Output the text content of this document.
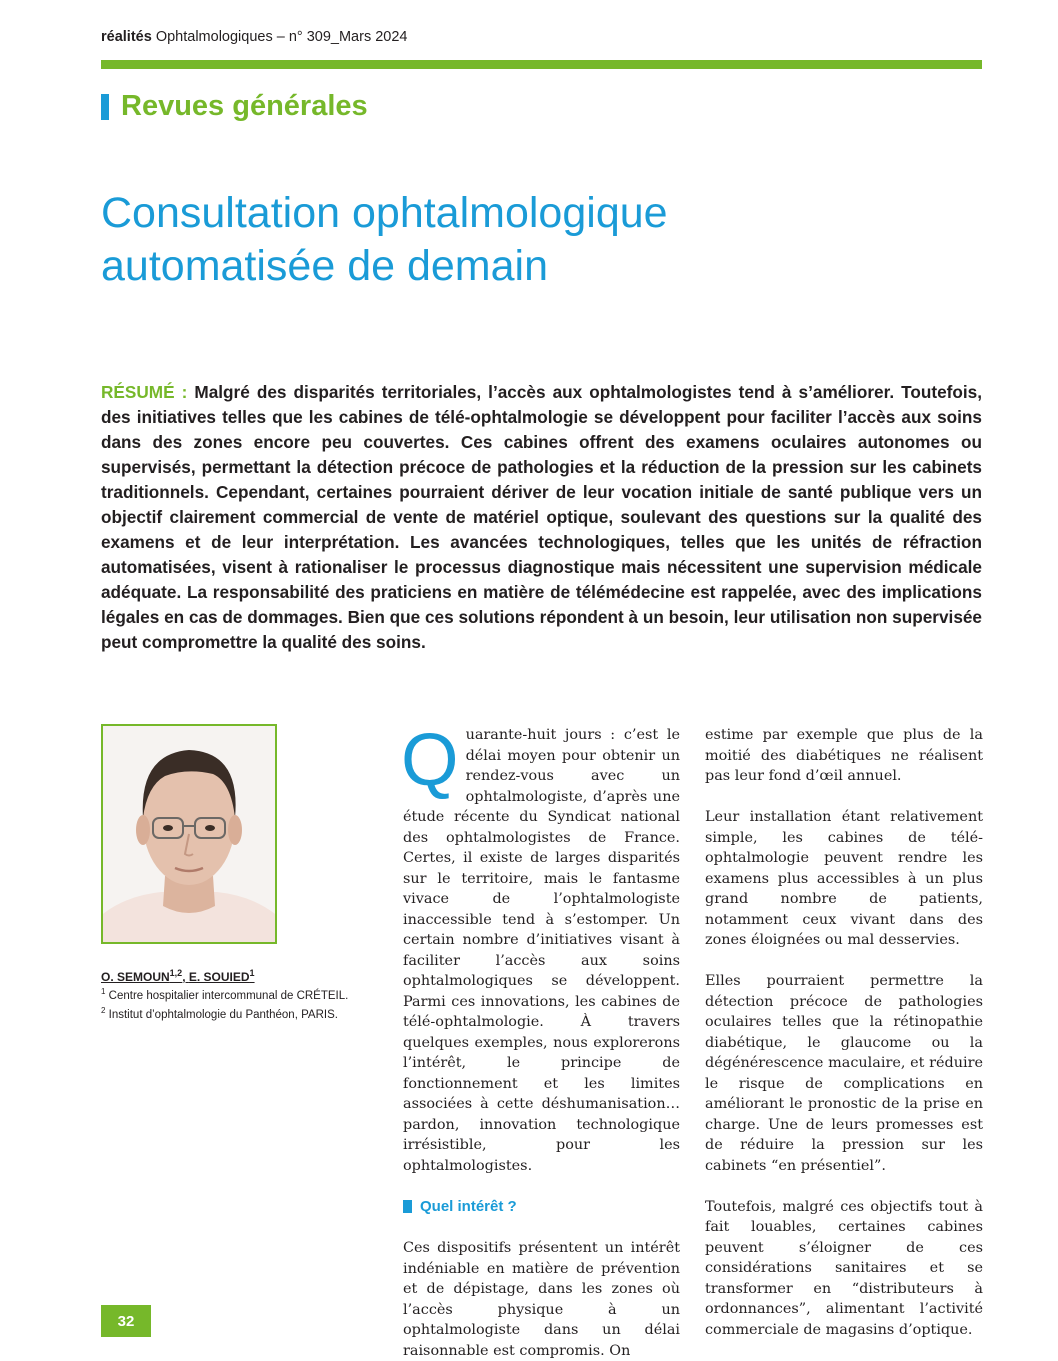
réalités Ophtalmologiques – n° 309_Mars 2024
Revues générales
Consultation ophtalmologique
automatisée de demain
RÉSUMÉ : Malgré des disparités territoriales, l’accès aux ophtalmologistes tend à s’améliorer. Toutefois, des initiatives telles que les cabines de télé-ophtalmologie se développent pour faciliter l’accès aux soins dans des zones encore peu couvertes. Ces cabines offrent des examens oculaires autonomes ou supervisés, permettant la détection précoce de pathologies et la réduction de la pression sur les cabinets traditionnels. Cependant, certaines pourraient dériver de leur vocation initiale de santé publique vers un objectif clairement commercial de vente de matériel optique, soulevant des questions sur la qualité des examens et de leur interprétation. Les avancées technologiques, telles que les unités de réfraction automatisées, visent à rationaliser le processus diagnostique mais nécessitent une supervision médicale adéquate. La responsabilité des praticiens en matière de télémédecine est rappelée, avec des implications légales en cas de dommages. Bien que ces solutions répondent à un besoin, leur utilisation non supervisée peut compromettre la qualité des soins.
O. SEMOUN$^{1,2}$, E. SOUIED$^1$
$^1$ Centre hospitalier intercommunal de CRÉTEIL.
$^2$ Institut d’ophtalmologie du Panthéon, PARIS.

Quarante-huit jours : c’est le délai moyen pour obtenir un rendez-vous avec un ophtalmologiste, d’après une étude récente du Syndicat national des ophtalmologistes de France. Certes, il existe de larges disparités sur le territoire, mais le fantasme vivace de l’ophtalmologiste inaccessible tend à s’estomper. Un certain nombre d’initiatives visant à faciliter l’accès aux soins ophtalmologiques se développent. Parmi ces innovations, les cabines de télé-ophtalmologie. À travers quelques exemples, nous explorerons l’intérêt, le principe de fonctionnement et les limites associées à cette déshumanisation… pardon, innovation technologique irrésistible, pour les ophtalmologistes.

Quel intérêt ?

Ces dispositifs présentent un intérêt indéniable en matière de prévention et de dépistage, dans les zones où l’accès physique à un ophtalmologiste dans un délai raisonnable est compromis. On

estime par exemple que plus de la moitié des diabétiques ne réalisent pas leur fond d’œil annuel.

Leur installation étant relativement simple, les cabines de télé-ophtalmologie peuvent rendre les examens plus accessibles à un plus grand nombre de patients, notamment ceux vivant dans des zones éloignées ou mal desservies.

Elles pourraient permettre la détection précoce de pathologies oculaires telles que la rétinopathie diabétique, le glaucome ou la dégénérescence maculaire, et réduire le risque de complications en améliorant le pronostic de la prise en charge. Une de leurs promesses est de réduire la pression sur les cabinets “en présentiel”.

Toutefois, malgré ces objectifs tout à fait louables, certaines cabines peuvent s’éloigner de ces considérations sanitaires et se transformer en “distributeurs à ordonnances”, alimentant l’activité commerciale de magasins d’optique.

32
